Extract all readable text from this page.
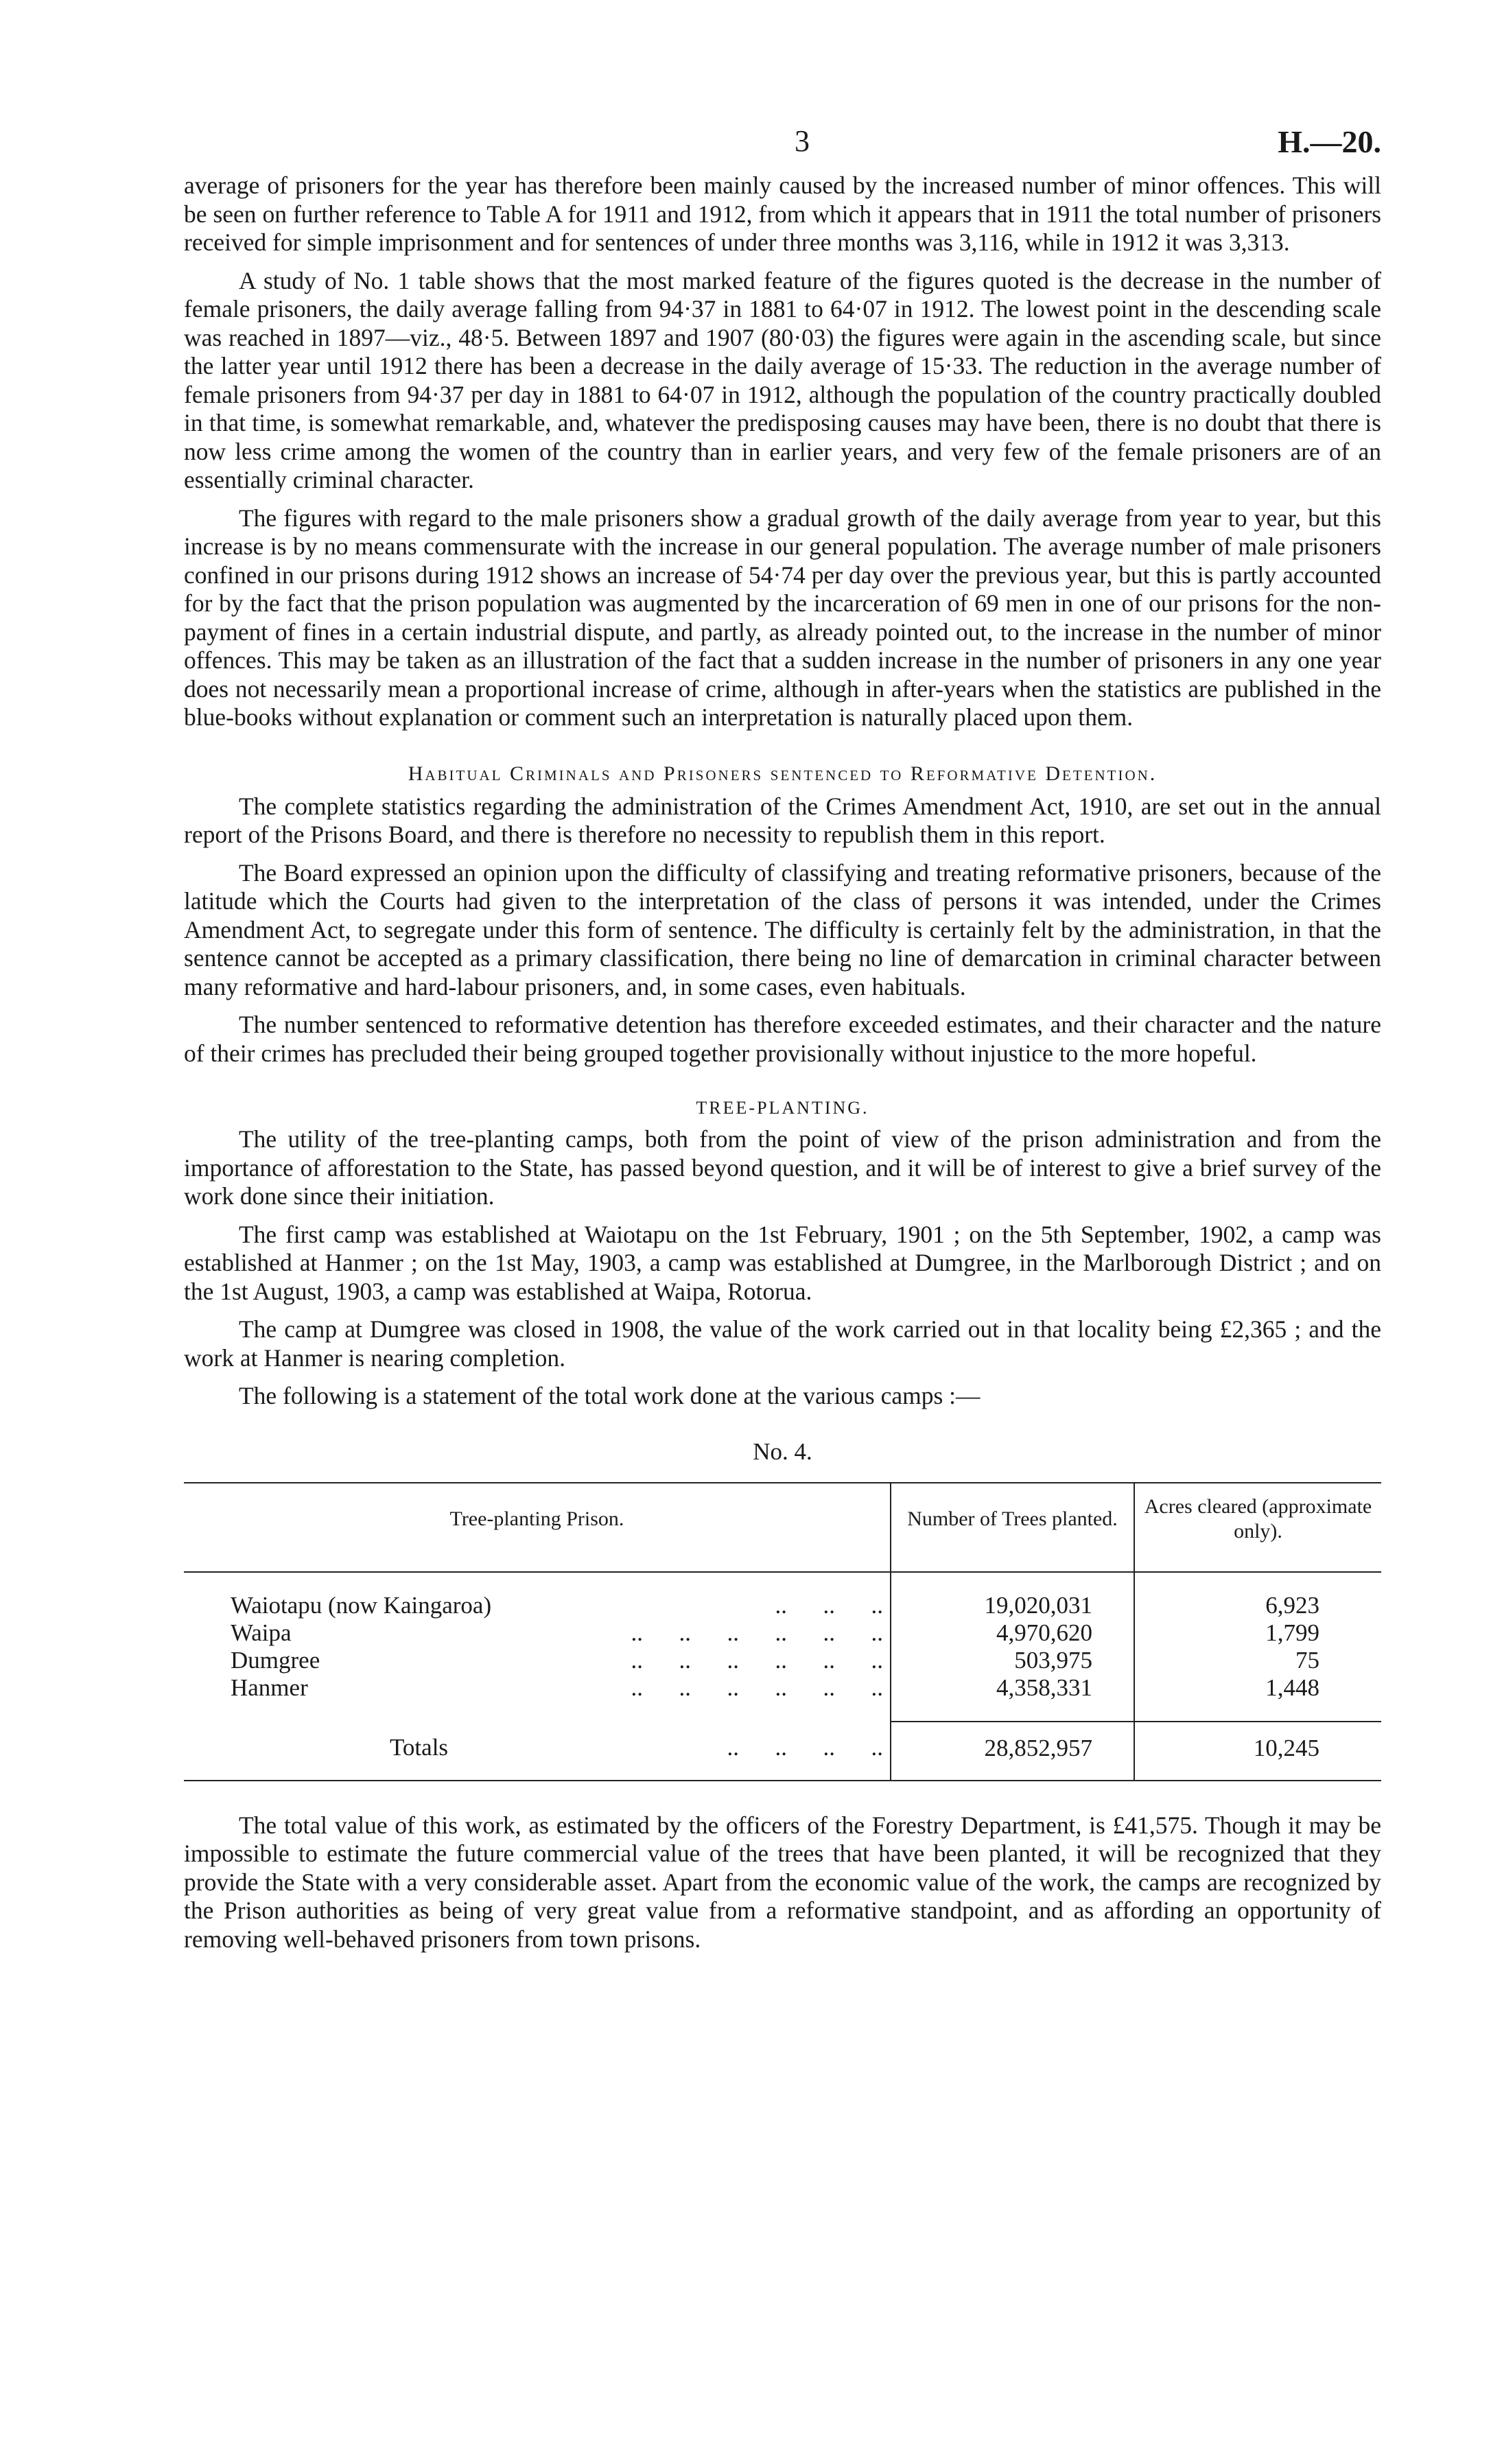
3	H.—20.

average of prisoners for the year has therefore been mainly caused by the increased number of minor offences. This will be seen on further reference to Table A for 1911 and 1912, from which it appears that in 1911 the total number of prisoners received for simple imprisonment and for sentences of under three months was 3,116, while in 1912 it was 3,313.

A study of No. 1 table shows that the most marked feature of the figures quoted is the decrease in the number of female prisoners, the daily average falling from 94·37 in 1881 to 64·07 in 1912. The lowest point in the descending scale was reached in 1897—viz., 48·5. Between 1897 and 1907 (80·03) the figures were again in the ascending scale, but since the latter year until 1912 there has been a decrease in the daily average of 15·33. The reduction in the average number of female prisoners from 94·37 per day in 1881 to 64·07 in 1912, although the population of the country practically doubled in that time, is somewhat remarkable, and, whatever the predisposing causes may have been, there is no doubt that there is now less crime among the women of the country than in earlier years, and very few of the female prisoners are of an essentially criminal character.

The figures with regard to the male prisoners show a gradual growth of the daily average from year to year, but this increase is by no means commensurate with the increase in our general population. The average number of male prisoners confined in our prisons during 1912 shows an increase of 54·74 per day over the previous year, but this is partly accounted for by the fact that the prison population was augmented by the incarceration of 69 men in one of our prisons for the non-payment of fines in a certain industrial dispute, and partly, as already pointed out, to the increase in the number of minor offences. This may be taken as an illustration of the fact that a sudden increase in the number of prisoners in any one year does not necessarily mean a proportional increase of crime, although in after-years when the statistics are published in the blue-books without explanation or comment such an interpretation is naturally placed upon them.

Habitual Criminals and Prisoners sentenced to Reformative Detention.

The complete statistics regarding the administration of the Crimes Amendment Act, 1910, are set out in the annual report of the Prisons Board, and there is therefore no necessity to republish them in this report.

The Board expressed an opinion upon the difficulty of classifying and treating reformative prisoners, because of the latitude which the Courts had given to the interpretation of the class of persons it was intended, under the Crimes Amendment Act, to segregate under this form of sentence. The difficulty is certainly felt by the administration, in that the sentence cannot be accepted as a primary classification, there being no line of demarcation in criminal character between many reformative and hard-labour prisoners, and, in some cases, even habituals.

The number sentenced to reformative detention has therefore exceeded estimates, and their character and the nature of their crimes has precluded their being grouped together provisionally without injustice to the more hopeful.

TREE-PLANTING.

The utility of the tree-planting camps, both from the point of view of the prison administration and from the importance of afforestation to the State, has passed beyond question, and it will be of interest to give a brief survey of the work done since their initiation.

The first camp was established at Waiotapu on the 1st February, 1901 ; on the 5th September, 1902, a camp was established at Hanmer ; on the 1st May, 1903, a camp was established at Dumgree, in the Marlborough District ; and on the 1st August, 1903, a camp was established at Waipa, Rotorua.

The camp at Dumgree was closed in 1908, the value of the work carried out in that locality being £2,365 ; and the work at Hanmer is nearing completion.

The following is a statement of the total work done at the various camps :—

No. 4.
Tree-planting Prison.	Number of Trees planted.	Acres cleared (approximate only).

Waiotapu (now Kaingaroa) ..      ..      ..	19,020,031	6,923

Waipa ..      ..      ..      ..      ..      ..	4,970,620	1,799

Dumgree ..      ..      ..      ..      ..      ..	503,975	75

Hanmer ..      ..      ..      ..      ..      ..	4,358,331	1,448

Totals ..      ..      ..      ..	28,852,957	10,245

The total value of this work, as estimated by the officers of the Forestry Department, is £41,575. Though it may be impossible to estimate the future commercial value of the trees that have been planted, it will be recognized that they provide the State with a very considerable asset. Apart from the economic value of the work, the camps are recognized by the Prison authorities as being of very great value from a reformative standpoint, and as affording an opportunity of removing well-behaved prisoners from town prisons.
